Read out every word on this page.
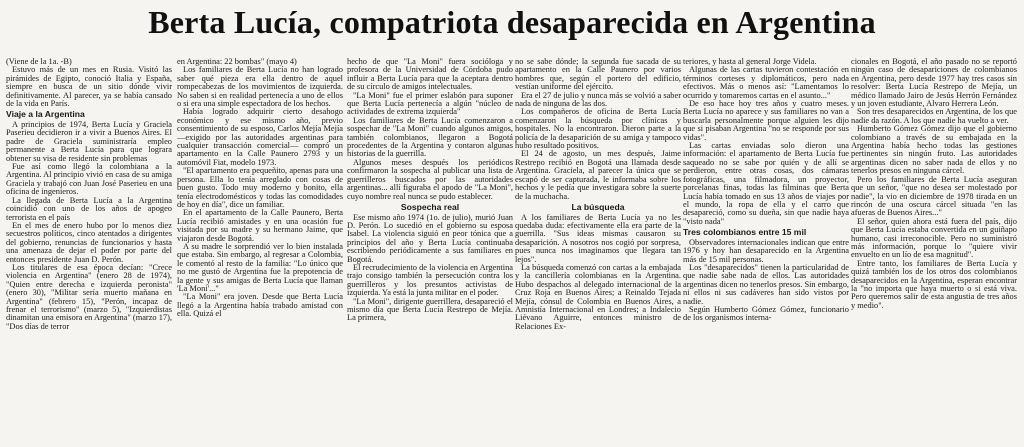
Berta Lucía, compatriota desaparecida en Argentina

(Viene de la 1a. -B)

Estuvo más de un mes en Rusia. Visitó las pirámides de Egipto, conoció Italia y España, siempre en busca de un sitio dónde vivir definitivamente. Al parecer, ya se había cansado de la vida en París.

Viaje a la Argentina

A principios de 1974, Berta Lucía y Graciela Paserieu decidieron ir a vivir a Buenos Aires. El padre de Graciela suministraría empleo permanente a Berta Lucía para que lograra obtener su visa de residente sin problemas

Fue así como llegó la colombiana a la Argentina. Al principio vivió en casa de su amiga Graciela y trabajó con Juan José Paserieu en una oficina de ingenieros.

La llegada de Berta Lucía a la Argentina coincidió con uno de los años de apogeo terrorista en el país

En el mes de enero hubo por lo menos diez secuestros políticos, cinco atentados a dirigentes del gobierno, renuncias de funcionarios y hasta una amenaza de dejar el poder por parte del entonces presidente Juan D. Perón.

Los titulares de esa época decían: "Crece violencia en Argentina" (enero 28 de 1974), "Quien entre derecha e izquierda peronista" (enero 30), "Militar sería muerto mañana en Argentina" (febrero 15), "Perón, incapaz de frenar el terrorismo" (marzo 5), "Izquierdistas dinamitan una emisora en Argentina" (marzo 17), "Dos días de terror

en Argentina: 22 bombas" (mayo 4)

Los familiares de Berta Lucía no han logrado saber qué pieza era ella dentro de aquel rompecabezas de los movimientos de izquierda. No saben si en realidad pertenecía a uno de ellos o si era una simple espectadora de los hechos.

Había logrado adquirir cierto desahogo económico y ese mismo año, previo consentimiento de su esposo, Carlos Mejía Mejía —exigido por las autoridades argentinas para cualquier transacción comercial— compró un apartamento en la Calle Paunero 2793 y un automóvil Fiat, modelo 1973.

"El apartamento era pequeñito, apenas para una persona. Ella lo tenía arreglado con cosas de buen gusto. Todo muy moderno y bonito, ella tenía electrodomésticos y todas las comodidades de hoy en día", dice un familiar.

En el apartamento de la Calle Paunero, Berta Lucía recibió amistades y en una ocasión fue visitada por su madre y su hermano Jaime, que viajaron desde Bogotá.

A su madre le sorprendió ver lo bien instalada que estaba. Sin embargo, al regresar a Colombia, le comentó al resto de la familia: "Lo único que no me gustó de Argentina fue la prepotencia de la gente y sus amigas de Berta Lucía que llaman 'La Moni'..."

"La Moni" era joven. Desde que Berta Lucía llegó a la Argentina había trabado amistad con ella. Quizá el

hecho de que "La Moni" fuera socióloga y profesora de la Universidad de Córdoba pudo influir a Berta Lucía para que la aceptara dentro de su círculo de amigos intelectuales.

"La Moni" fue el primer eslabón para suponer que Berta Lucía pertenecía a algún "núcleo de actividades de extrema izquierda"

Los familiares de Berta Lucía comenzaron a sospechar de "La Moni" cuando algunos amigos, también colombianos, llegaron a Bogotá procedentes de la Argentina y contaron algunas historias de la guerrilla.

Algunos meses después los periódicos confirmaron la sospecha al publicar una lista de guerrilleros buscados por las autoridades argentinas... allí figuraba el apodo de "La Moni", cuyo nombre real nunca se pudo establecer.

Sospecha real

Ese mismo año 1974 (1o. de julio), murió Juan D. Perón. Lo sucedió en el gobierno su esposa Isabel. La violencia siguió en peor tónica que a principios del año y Berta Lucía continuaba escribiendo periódicamente a sus familiares en Bogotá.

El recrudecimiento de la violencia en Argentina trajo consigo también la persecución contra los guerrilleros y los presuntos activistas de izquierda. Ya está la junta militar en el poder.

"La Moni", dirigente guerrillera, desapareció el mismo día que Berta Lucía Restrepo de Mejía. La primera,

no se sabe dónde; la segunda fue sacada de su apartamento en la Calle Paunero por varios hombres que, según el portero del edificio, vestían uniforme del ejército.

Era el 27 de julio y nunca más se volvió a saber nada de ninguna de las dos.

Los compañeros de oficina de Berta Lucía comenzaron la búsqueda por clínicas y hospitales. No la encontraron. Dieron parte a la policía de la desaparición de su amiga y tampoco hubo resultado positivos.

El 24 de agosto, un mes después, Jaime Restrepo recibió en Bogotá una llamada desde Argentina. Graciela, al parecer la única que se escapó de ser capturada, le informaba sobre los hechos y le pedía que investigara sobre la suerte de la muchacha.

La búsqueda

A los familiares de Berta Lucía ya no les quedaba duda: efectivamente ella era parte de la guerrilla. "Sus ideas mismas causaron su desaparición. A nosotros nos cogió por sorpresa, pues nunca nos imaginamos que llegara tan lejos".

La búsqueda comenzó con cartas a la embajada y la cancillería colombianas en la Argentina. Hubo despachos al delegado internacional de la Cruz Roja en Buenos Aires; a Reinaldo Tejada Mejía, cónsul de Colombia en Buenos Aires, a Amnistía Internacional en Londres; a Indalecio Liévano Aguirre, entonces ministro de Relaciones Ex-

teriores, y hasta al general Jorge Videla.

Algunas de las cartas tuvieron contestación en términos corteses y diplomáticos, pero nada efectivos. Más o menos así: "Lamentamos lo ocurrido y tomaremos cartas en el asunto..."

De eso hace hoy tres años y cuatro meses. Berta Lucía no aparece y sus familiares no van a buscarla personalmente porque alguien les dijo que si pisaban Argentina "no se responde por sus vidas".

Las cartas enviadas solo dieron una información: el apartamento de Berta Lucía fue saqueado no se sabe por quién y de allí se perdieron, entre otras cosas, dos cámaras fotográficas, una filmadora, un proyector, porcelanas finas, todas las filminas que Berta Lucía había tomado en sus 13 años de viajes por el mundo, la ropa de ella y el carro que desapareció, como su dueña, sin que nadie haya "visto nada"

Tres colombianos entre 15 mil

Observadores internacionales indican que entre 1976 y hoy han desaparecido en la Argentina más de 15 mil personas.

Los "desaparecidos" tienen la particularidad de que nadie sabe nada de ellos. Las autoridades argentinas dicen no tenerlos presos. Sin embargo, ni ellos ni sus cadáveres han sido vistos por nadie.

Según Humberto Gómez Gómez, funcionario de los organismos interna-

cionales en Bogotá, el año pasado no se reportó ningún caso de desapariciones de colombianos en Argentina, pero desde 1977 hay tres casos sin resolver: Berta Lucía Restrepo de Mejía, un médico llamado Jairo de Jesús Herrón Fernández y un joven estudiante, Alvaro Herrera León.

Son tres desaparecidos en Argentina, de los que nadie da razón. A los que nadie ha vuelto a ver.

Humberto Gómez Gómez dijo que el gobierno colombiano a través de su embajada en la Argentina había hecho todas las gestiones pertinentes sin ningún fruto. Las autoridades argentinas dicen no saber nada de ellos y no tenerlos presos en ninguna cárcel.

Pero los familiares de Berta Lucía aseguran que un señor, "que no desea ser molestado por nadie", la vio en diciembre de 1978 tirada en un rincón de una oscura cárcel situada "en las afueras de Buenos Aires..."

El señor, quien ahora está fuera del país, dijo que Berta Lucía estaba convertida en un guiñapo humano, casi irreconocible. Pero no suministró más información, porque lo "quiere vivir envuelto en un lío de esa magnitud".

Entre tanto, los familiares de Berta Lucía y quizá también los de los otros dos colombianos desaparecidos en la Argentina, esperan encontrar la "no importa que haya muerto o si está viva. Pero queremos salir de esta angustia de tres años y medio".
